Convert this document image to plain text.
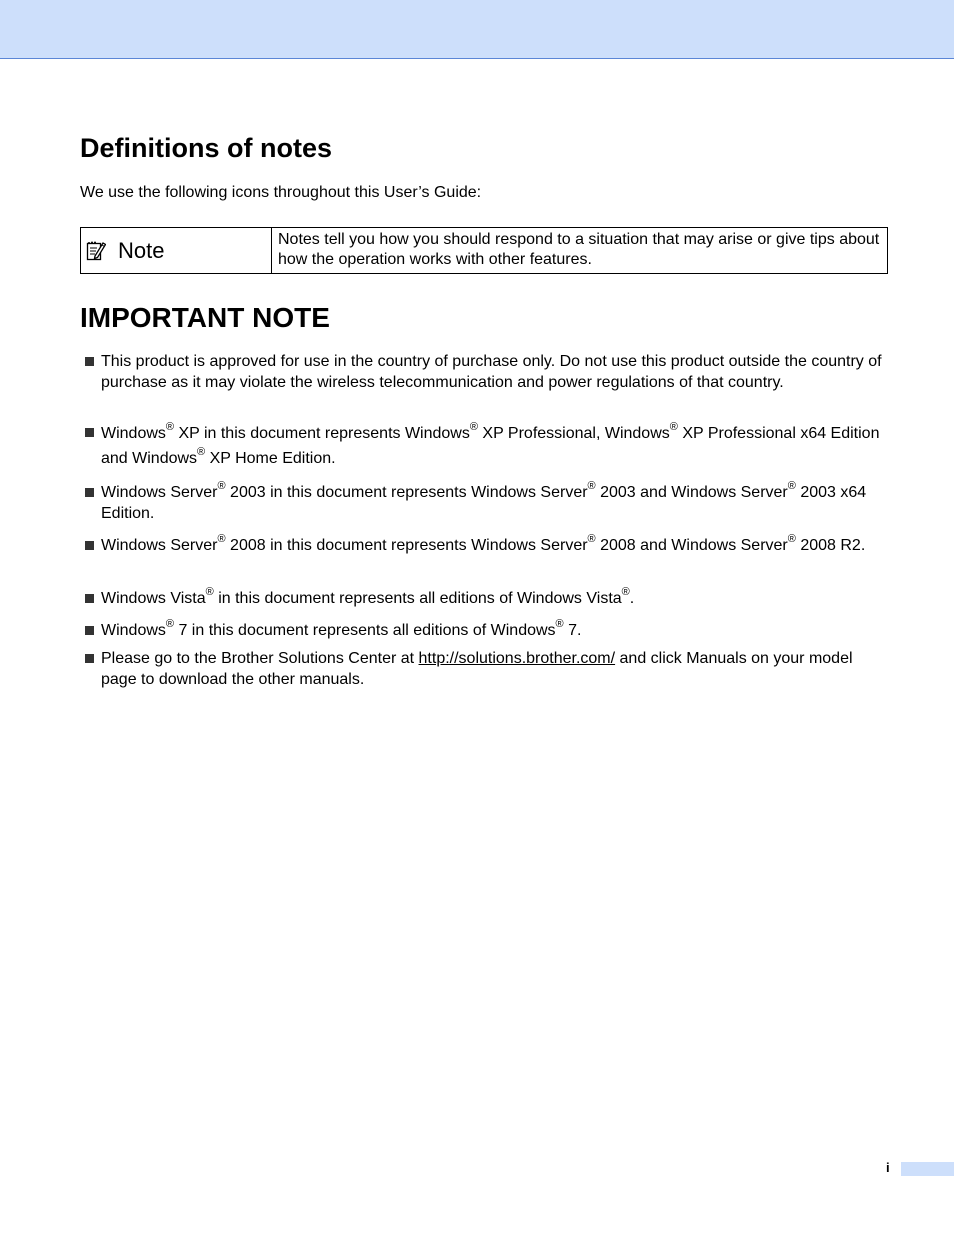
Definitions of notes

We use the following icons throughout this User’s Guide:

Note	Notes tell you how you should respond to a situation that may arise or give tips about how the operation works with other features.
IMPORTANT NOTE
This product is approved for use in the country of purchase only. Do not use this product outside the country of purchase as it may violate the wireless telecommunication and power regulations of that country.
Windows® XP in this document represents Windows® XP Professional, Windows® XP Professional x64 Edition and Windows® XP Home Edition.
Windows Server® 2003 in this document represents Windows Server® 2003 and Windows Server® 2003 x64 Edition.
Windows Server® 2008 in this document represents Windows Server® 2008 and Windows Server® 2008 R2.
Windows Vista® in this document represents all editions of Windows Vista®.
Windows® 7 in this document represents all editions of Windows® 7.
Please go to the Brother Solutions Center at http://solutions.brother.com/ and click Manuals on your model page to download the other manuals.
i
